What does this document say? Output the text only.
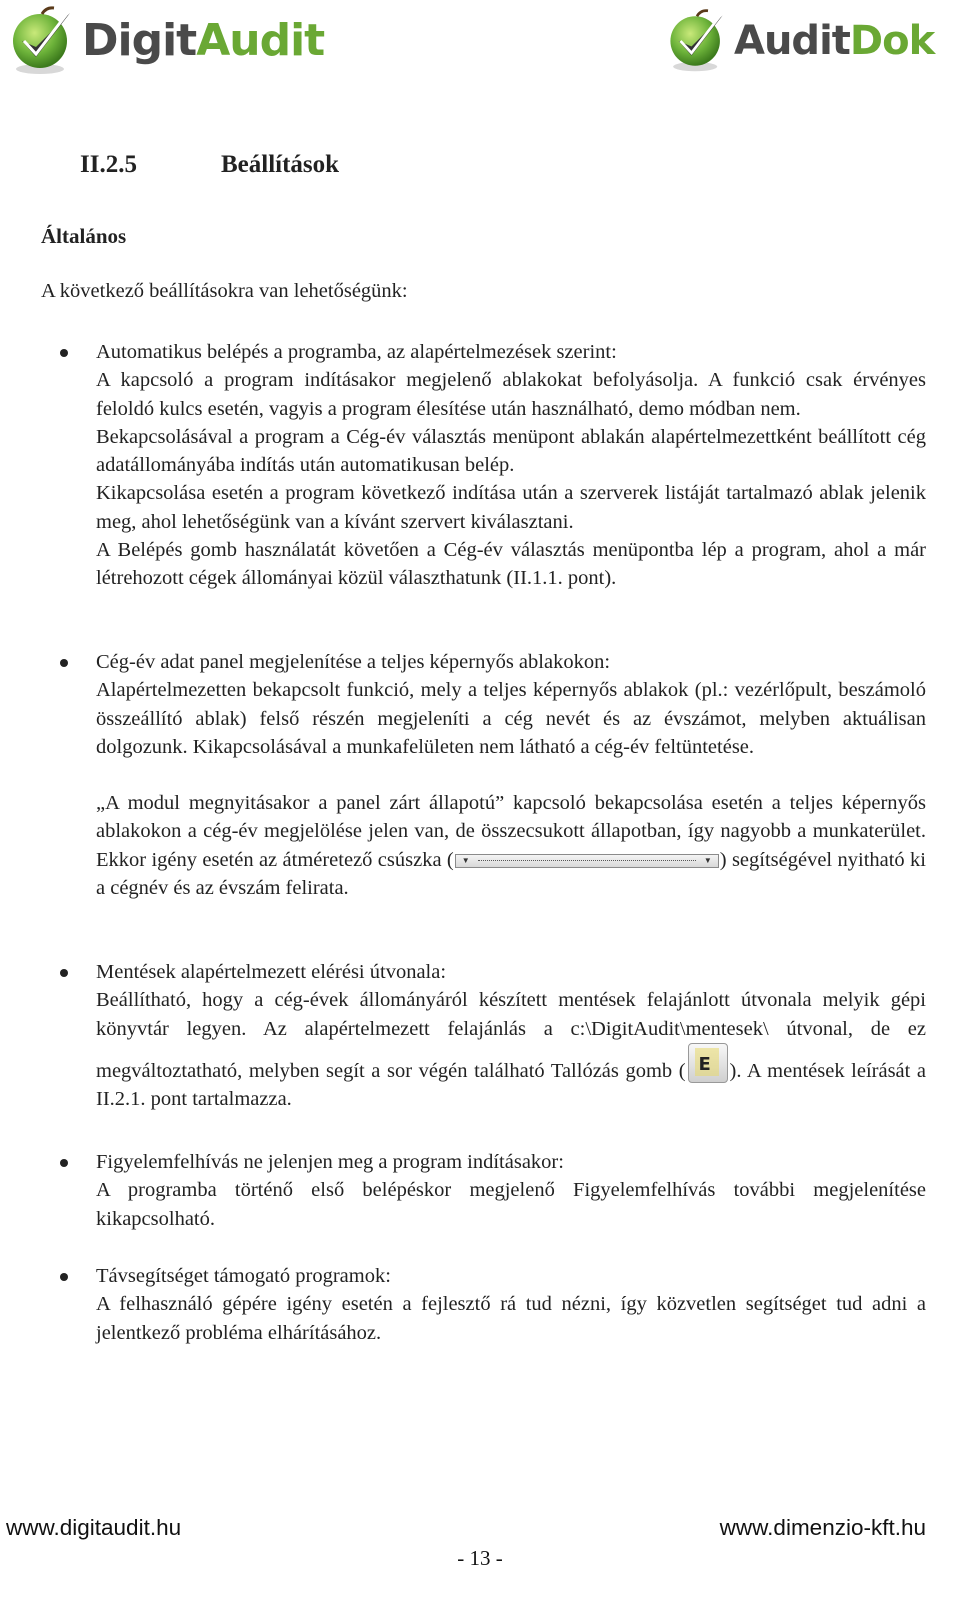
DigitAudit	AuditDok
II.2.5	Beállítások
Általános
A következő beállításokra van lehetőségünk:

Automatikus belépés a programba, az alapértelmezések szerint:

A kapcsoló a program indításakor megjelenő ablakokat befolyásolja. A funkció csak érvényes feloldó kulcs esetén, vagyis a program élesítése után használható, demo módban nem.

Bekapcsolásával a program a Cég-év választás menüpont ablakán alapértelmezettként beállított cég adatállományába indítás után automatikusan belép.

Kikapcsolása esetén a program következő indítása után a szerverek listáját tartalmazó ablak jelenik meg, ahol lehetőségünk van a kívánt szervert kiválasztani.

A Belépés gomb használatát követően a Cég-év választás menüpontba lép a program, ahol a már létrehozott cégek állományai közül választhatunk (II.1.1. pont).

Cég-év adat panel megjelenítése a teljes képernyős ablakokon:

Alapértelmezetten bekapcsolt funkció, mely a teljes képernyős ablakok (pl.: vezérlőpult, beszámoló összeállító ablak) felső részén megjeleníti a cég nevét és az évszámot, melyben aktuálisan dolgozunk. Kikapcsolásával a munkafelületen nem látható a cég-év feltüntetése.

„A modul megnyitásakor a panel zárt állapotú” kapcsoló bekapcsolása esetén a teljes képernyős ablakokon a cég-év megjelölése jelen van, de összecsukott állapotban, így nagyobb a munkaterület. Ekkor igény esetén az átméretező csúszka ( ▼	▼ ) segítségével nyitható ki a cégnév és az évszám felirata.

Mentések alapértelmezett elérési útvonala:

Beállítható, hogy a cég-évek állományáról készített mentések felajánlott útvonala melyik gépi könyvtár legyen. Az alapértelmezett felajánlás a c:\DigitAudit\mentesek\ útvonal, de ez megváltoztatható, melyben segít a sor végén található Tallózás gomb ( E ). A mentések leírását a II.2.1. pont tartalmazza.

Figyelemfelhívás ne jelenjen meg a program indításakor:

A programba történő első belépéskor megjelenő Figyelemfelhívás további megjelenítése kikapcsolható.

Távsegítséget támogató programok:

A felhasználó gépére igény esetén a fejlesztő rá tud nézni, így közvetlen segítséget tud adni a jelentkező probléma elhárításához.

www.digitaudit.hu	www.dimenzio-kft.hu
- 13 -
